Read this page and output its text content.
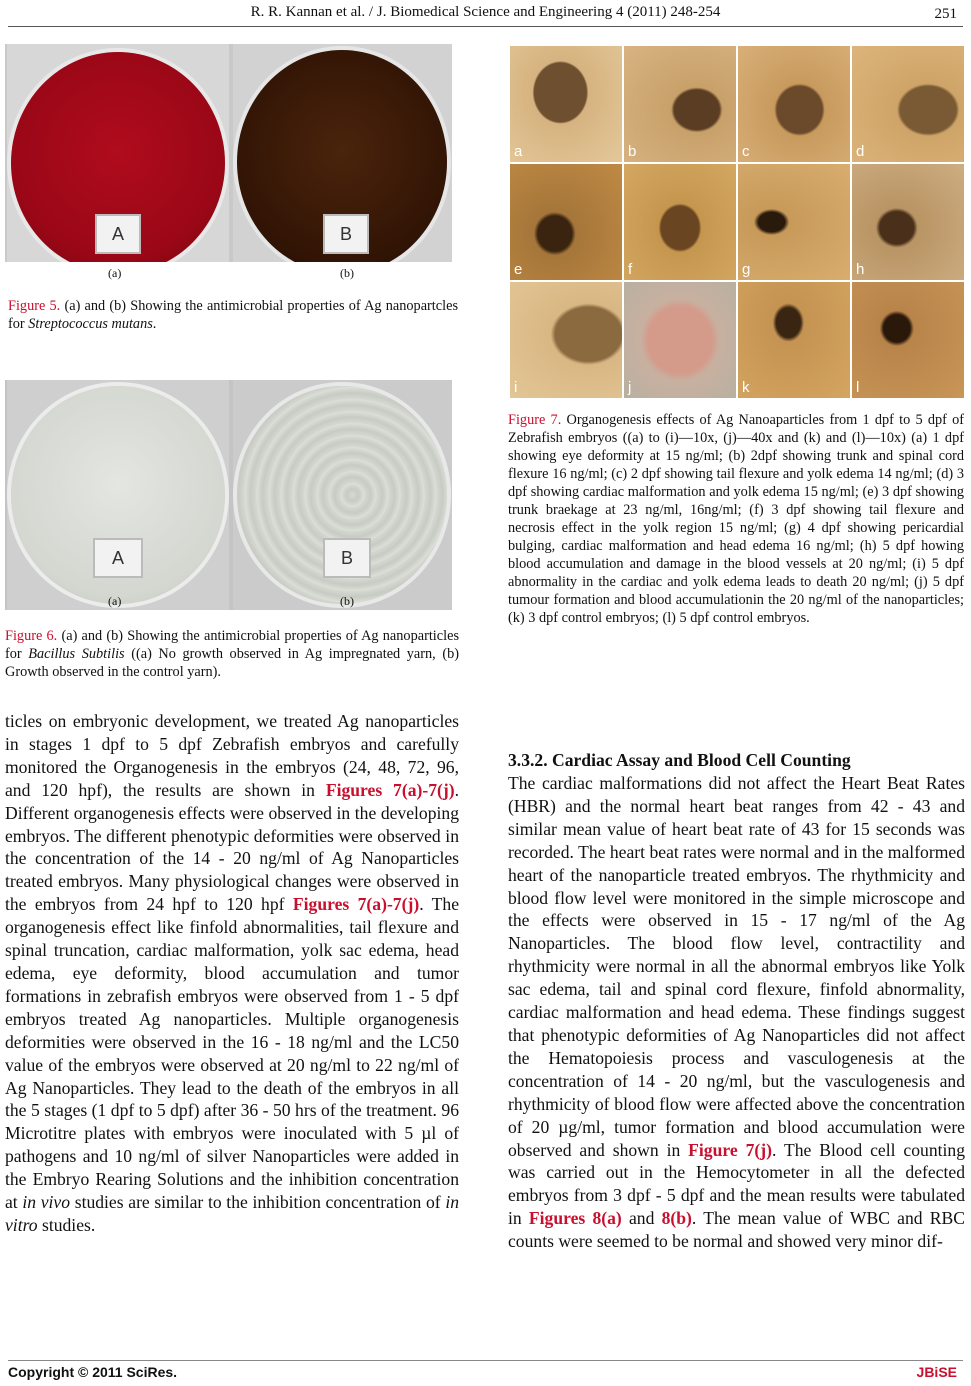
R. R. Kannan et al. / J. Biomedical Science and Engineering 4 (2011) 248-254	251
A	B
(a)	(b)
Figure 5. (a) and (b) Showing the antimicrobial properties of Ag nanopartcles for Streptococcus mutans.
A	B
(a)	(b)
Figure 6. (a) and (b) Showing the antimicrobial properties of Ag nanoparticles for Bacillus Subtilis ((a) No growth observed in Ag impregnated yarn, (b) Growth observed in the control yarn).
ticles on embryonic development, we treated Ag nanoparticles in stages 1 dpf to 5 dpf Zebrafish embryos and carefully monitored the Organogenesis in the embryos (24, 48, 72, 96, and 120 hpf), the results are shown in Figures 7(a)-7(j). Different organogenesis effects were observed in the developing embryos. The different phenotypic deformities were observed in the concentration of the 14 - 20 ng/ml of Ag Nanoparticles treated embryos. Many physiological changes were observed in the embryos from 24 hpf to 120 hpf Figures 7(a)-7(j). The organogenesis effect like finfold abnormalities, tail flexure and spinal truncation, cardiac malformation, yolk sac edema, head edema, eye deformity, blood accumulation and tumor formations in zebrafish embryos were observed from 1 - 5 dpf embryos treated Ag nanoparticles. Multiple organogenesis deformities were observed in the 16 - 18 ng/ml and the LC50 value of the embryos were observed at 20 ng/ml to 22 ng/ml of Ag Nanoparticles. They lead to the death of the embryos in all the 5 stages (1 dpf to 5 dpf) after 36 - 50 hrs of the treatment. 96 Microtitre plates with embryos were inoculated with 5 µl of pathogens and 10 ng/ml of silver Nanoparticles were added in the Embryo Rearing Solutions and the inhibition concentration at in vivo studies are similar to the inhibition concentration of in vitro studies.
a	b	c	d
e	f	g	h
i	j	k	l
Figure 7. Organogenesis effects of Ag Nanoaparticles from 1 dpf to 5 dpf of Zebrafish embryos ((a) to (i)—10x, (j)—40x and (k) and (l)—10x) (a) 1 dpf showing eye deformity at 15 ng/ml; (b) 2dpf showing trunk and spinal cord flexure 16 ng/ml; (c) 2 dpf showing tail flexure and yolk edema 14 ng/ml; (d) 3 dpf showing cardiac malformation and yolk edema 15 ng/ml; (e) 3 dpf showing trunk braekage at 23 ng/ml, 16ng/ml; (f) 3 dpf showing tail flexure and necrosis effect in the yolk region 15 ng/ml; (g) 4 dpf showing pericardial bulging, cardiac malformation and head edema 16 ng/ml; (h) 5 dpf howing blood accumulation and damage in the blood vessels at 20 ng/ml; (i) 5 dpf abnormality in the cardiac and yolk edema leads to death 20 ng/ml; (j) 5 dpf tumour formation and blood accumulationin the 20 ng/ml of the nanoparticles; (k) 3 dpf control embryos; (l) 5 dpf control embryos.
3.3.2. Cardiac Assay and Blood Cell Counting
The cardiac malformations did not affect the Heart Beat Rates (HBR) and the normal heart beat ranges from 42 - 43 and similar mean value of heart beat rate of 43 for 15 seconds was recorded. The heart beat rates were normal and in the malformed heart of the nanoparticle treated embryos. The rhythmicity and blood flow level were monitored in the simple microscope and the effects were observed in 15 - 17 ng/ml of the Ag Nanoparticles. The blood flow level, contractility and rhythmicity were normal in all the abnormal embryos like Yolk sac edema, tail and spinal cord flexure, finfold abnormality, cardiac malformation and head edema. These findings suggest that phenotypic deformities of Ag Nanoparticles did not affect the Hematopoiesis process and vasculogenesis at the concentration of 14 - 20 ng/ml, but the vasculogenesis and rhythmicity of blood flow were affected above the concentration of 20 µg/ml, tumor formation and blood accumulation were observed and shown in Figure 7(j). The Blood cell counting was carried out in the Hemocytometer in all the defected embryos from 3 dpf - 5 dpf and the mean results were tabulated in Figures 8(a) and 8(b). The mean value of WBC and RBC counts were seemed to be normal and showed very minor dif-
Copyright © 2011 SciRes.	JBiSE
